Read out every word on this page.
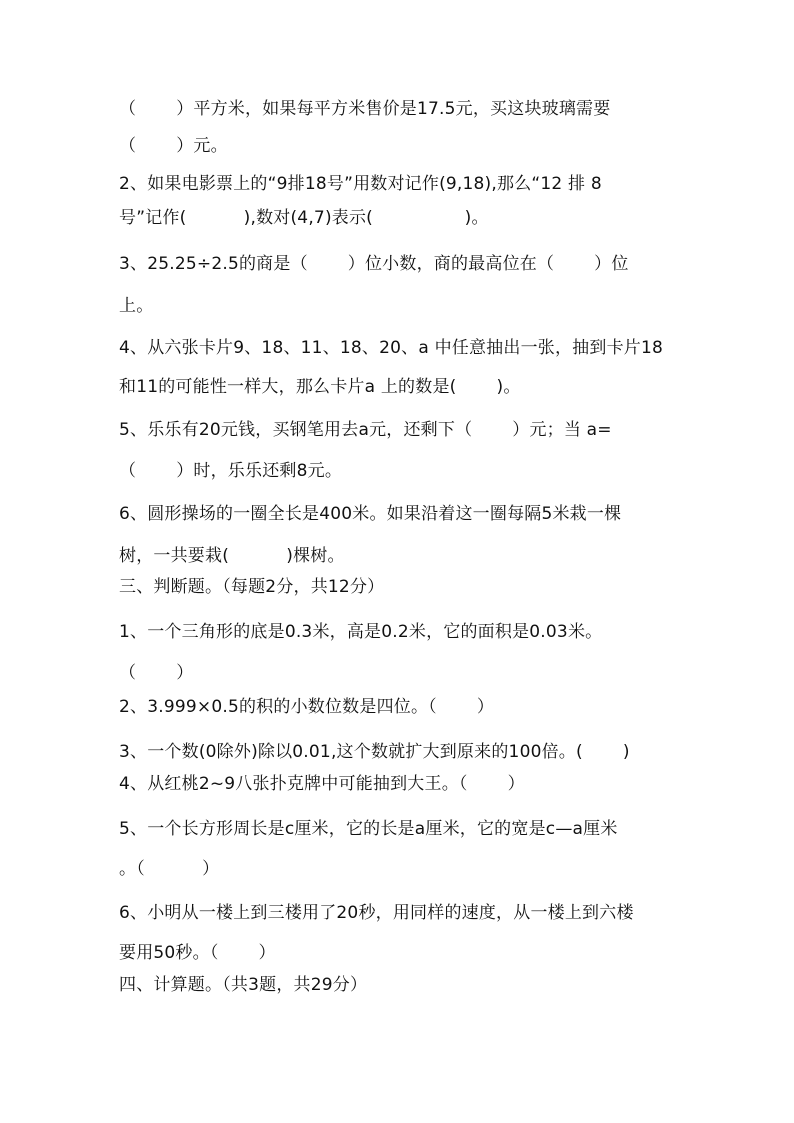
（　　 ）平方米，如果每平方米售价是17.5元，买这块玻璃需要
（　　 ）元。
2、如果电影票上的“9排18号”用数对记作(9,18),那么“12 排 8
号”记作(　　　 ),数对(4,7)表示(　　　　　 )。
3、25.25÷2.5的商是（　　 ）位小数，商的最高位在（　　 ）位
上。
4、从六张卡片9、18、11、18、20、a 中任意抽出一张，抽到卡片18
和11的可能性一样大，那么卡片a 上的数是(　　 )。
5、乐乐有20元钱，买钢笔用去a元，还剩下（　　 ）元；当 a=
（　　 ）时，乐乐还剩8元。
6、圆形操场的一圈全长是400米。如果沿着这一圈每隔5米栽一棵
树，一共要栽(　　　 )棵树。
三、判断题。（每题2分，共12分）
1、一个三角形的底是0.3米，高是0.2米，它的面积是0.03米。
（　　 ）
2、3.999×0.5的积的小数位数是四位。（　　 ）
3、一个数(0除外)除以0.01,这个数就扩大到原来的100倍。(　　 )
4、从红桃2~9八张扑克牌中可能抽到大王。（　　 ）
5、一个长方形周长是c厘米，它的长是a厘米，它的宽是c—a厘米
。（　　　 ）
6、小明从一楼上到三楼用了20秒，用同样的速度，从一楼上到六楼
要用50秒。（　　 ）
四、计算题。（共3题，共29分）
